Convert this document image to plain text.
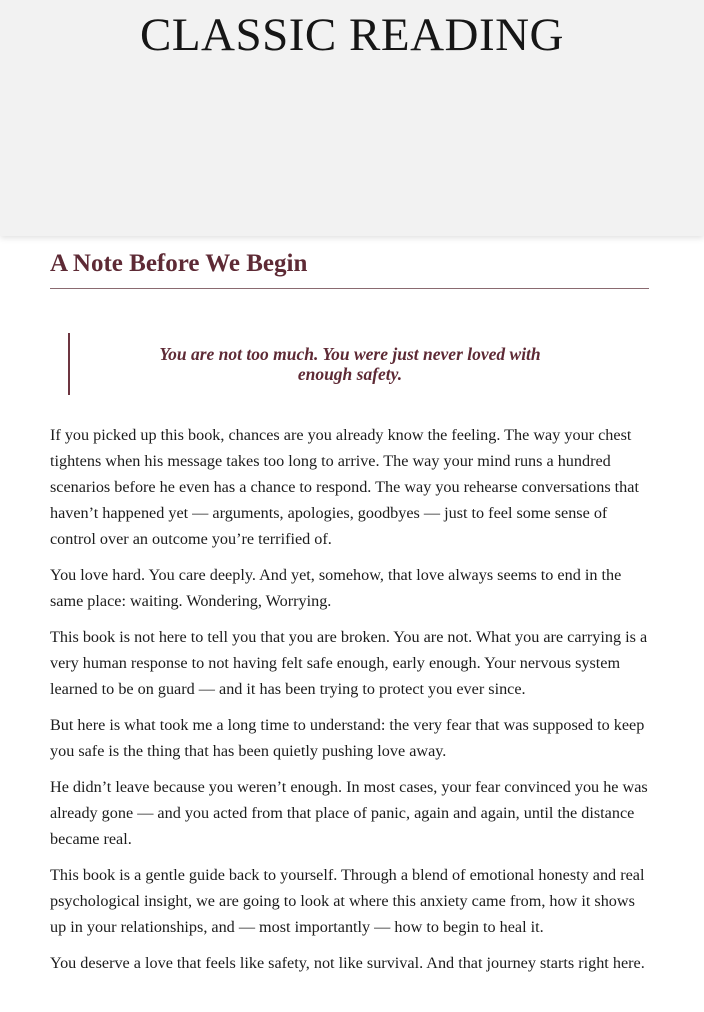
CLASSIC READING
A Note Before We Begin
You are not too much. You were just never loved with
enough safety.

If you picked up this book, chances are you already know the feeling. The way your chest tightens when his message takes too long to arrive. The way your mind runs a hundred scenarios before he even has a chance to respond. The way you rehearse conversations that haven’t happened yet — arguments, apologies, goodbyes — just to feel some sense of control over an outcome you’re terrified of.

You love hard. You care deeply. And yet, somehow, that love always seems to end in the same place: waiting. Wondering, Worrying.

This book is not here to tell you that you are broken. You are not. What you are carrying is a very human response to not having felt safe enough, early enough. Your nervous system learned to be on guard — and it has been trying to protect you ever since.

But here is what took me a long time to understand: the very fear that was supposed to keep you safe is the thing that has been quietly pushing love away.

He didn’t leave because you weren’t enough. In most cases, your fear convinced you he was already gone — and you acted from that place of panic, again and again, until the distance became real.

This book is a gentle guide back to yourself. Through a blend of emotional honesty and real psychological insight, we are going to look at where this anxiety came from, how it shows up in your relationships, and — most importantly — how to begin to heal it.

You deserve a love that feels like safety, not like survival. And that journey starts right here.
